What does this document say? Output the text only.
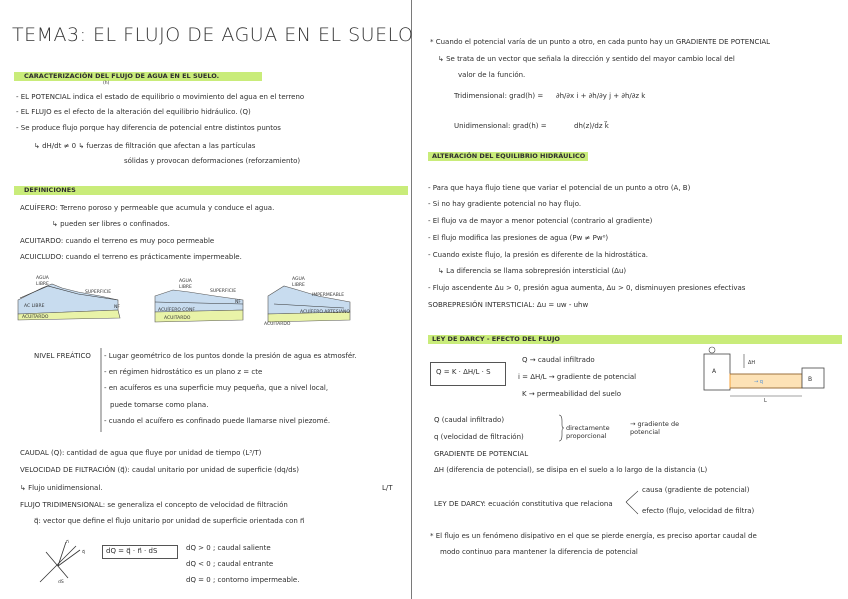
TEMA3: EL FLUJO DE AGUA EN EL SUELO
CARACTERIZACIÓN DEL FLUJO DE AGUA EN EL SUELO.
(h)
- EL POTENCIAL indica el estado de equilibrio o movimiento del agua en el terreno
- EL FLUJO es el efecto de la alteración del equilibrio hidráulico. (Q)
- Se produce flujo porque hay diferencia de potencial entre distintos puntos
↳ dH/dt ≠ 0 ↳ fuerzas de filtración que afectan a las partículas
sólidas y provocan deformaciones (reforzamiento)
DEFINICIONES
ACUÍFERO: Terreno poroso y permeable que acumula y conduce el agua.
↳ pueden ser libres o confinados.
ACUITARDO: cuando el terreno es muy poco permeable
ACUICLUDO: cuando el terreno es prácticamente impermeable.
AGUA
LIBRE
SUPERFICIE
NF
AC LIBRE
ACUITARDO
AGUA
LIBRE
SUPERFICIE
NF
ACUÍFERO CONF
ACUITARDO
AGUA
LIBRE
IMPERMEABLE
ACUÍFERO ARTESIANO
ACUITARDO
NIVEL FREÁTICO - Lugar geométrico de los puntos donde la presión de agua es atmosfér.
- en régimen hidrostático es un plano z = cte
- en acuíferos es una superficie muy pequeña, que a nivel local,
puede tomarse como plana.
- cuando el acuífero es confinado puede llamarse nivel piezomé.
CAUDAL (Q): cantidad de agua que fluye por unidad de tiempo (L³/T)
VELOCIDAD DE FILTRACIÓN (q⃗): caudal unitario por unidad de superficie (dq/ds)
L/T
↳ Flujo unidimensional.
FLUJO TRIDIMENSIONAL: se generaliza el concepto de velocidad de filtración
q⃗: vector que define el flujo unitario por unidad de superficie orientada con n⃗
n⃗
q⃗
dS
dQ = q⃗ · n⃗ · dS	dQ > 0 ; caudal saliente
dQ < 0 ; caudal entrante
dQ = 0 ; contorno impermeable.
* Cuando el potencial varía de un punto a otro, en cada punto hay un GRADIENTE DE POTENCIAL
↳ Se trata de un vector que señala la dirección y sentido del mayor cambio local del
valor de la función.
Tridimensional: grad(h) = ∂h/∂x i + ∂h/∂y j + ∂h/∂z k
Unidimensional: grad(h) =	dh(z)/dz k⃗
ALTERACIÓN DEL EQUILIBRIO HIDRÁULICO
- Para que haya flujo tiene que variar el potencial de un punto a otro (A, B)
- Si no hay gradiente potencial no hay flujo.
- El flujo va de mayor a menor potencial (contrario al gradiente)
- El flujo modifica las presiones de agua (Pw ≠ Pw⁰)
- Cuando existe flujo, la presión es diferente de la hidrostática.
↳ La diferencia se llama sobrepresión intersticial (Δu)
- Flujo ascendente Δu > 0, presión agua aumenta, Δu > 0, disminuyen presiones efectivas
SOBREPRESIÓN INTERSTICIAL: Δu = uw - uhw
LEY DE DARCY - EFECTO DEL FLUJO
Q = K · ΔH/L · S
Q → caudal infiltrado
i = ΔH/L → gradiente de potencial
K → permeabilidad del suelo
A
B
ΔH
L
→ q
Q (caudal infiltrado)
q (velocidad de filtración)
directamente proporcional
→ gradiente de potencial
GRADIENTE DE POTENCIAL
ΔH (diferencia de potencial), se disipa en el suelo a lo largo de la distancia (L)
LEY DE DARCY: ecuación constitutiva que relaciona
causa (gradiente de potencial)
efecto (flujo, velocidad de filtra)
* El flujo es un fenómeno disipativo en el que se pierde energía, es preciso aportar caudal de
modo continuo para mantener la diferencia de potencial
